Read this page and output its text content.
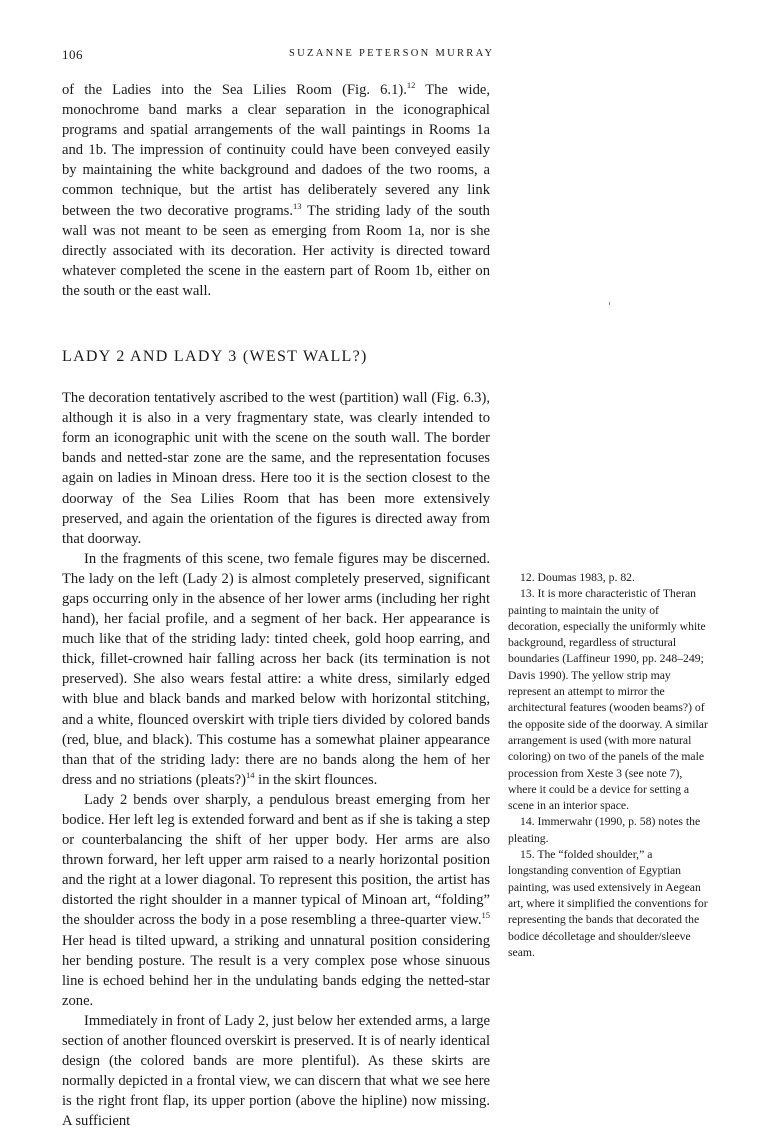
106	SUZANNE PETERSON MURRAY

of the Ladies into the Sea Lilies Room (Fig. 6.1).$^{12}$ The wide, monochrome band marks a clear separation in the iconographical programs and spatial arrangements of the wall paintings in Rooms 1a and 1b. The impression of continuity could have been conveyed easily by maintaining the white background and dadoes of the two rooms, a common technique, but the artist has deliberately severed any link between the two decorative programs.$^{13}$ The striding lady of the south wall was not meant to be seen as emerging from Room 1a, nor is she directly associated with its decoration. Her activity is directed toward whatever completed the scene in the eastern part of Room 1b, either on the south or the east wall.

LADY 2 AND LADY 3 (WEST WALL?)

The decoration tentatively ascribed to the west (partition) wall (Fig. 6.3), although it is also in a very fragmentary state, was clearly intended to form an iconographic unit with the scene on the south wall. The border bands and netted-star zone are the same, and the representation focuses again on ladies in Minoan dress. Here too it is the section closest to the doorway of the Sea Lilies Room that has been more extensively preserved, and again the orientation of the figures is directed away from that doorway.

In the fragments of this scene, two female figures may be discerned. The lady on the left (Lady 2) is almost completely preserved, significant gaps occurring only in the absence of her lower arms (including her right hand), her facial profile, and a segment of her back. Her appearance is much like that of the striding lady: tinted cheek, gold hoop earring, and thick, fillet-crowned hair falling across her back (its termination is not preserved). She also wears festal attire: a white dress, similarly edged with blue and black bands and marked below with horizontal stitching, and a white, flounced overskirt with triple tiers divided by colored bands (red, blue, and black). This costume has a somewhat plainer appearance than that of the striding lady: there are no bands along the hem of her dress and no striations (pleats?)$^{14}$ in the skirt flounces.

Lady 2 bends over sharply, a pendulous breast emerging from her bodice. Her left leg is extended forward and bent as if she is taking a step or counterbalancing the shift of her upper body. Her arms are also thrown forward, her left upper arm raised to a nearly horizontal position and the right at a lower diagonal. To represent this position, the artist has distorted the right shoulder in a manner typical of Minoan art, “folding” the shoulder across the body in a pose resembling a three-quarter view.$^{15}$ Her head is tilted upward, a striking and unnatural position considering her bending posture. The result is a very complex pose whose sinuous line is echoed behind her in the undulating bands edging the netted-star zone.

Immediately in front of Lady 2, just below her extended arms, a large section of another flounced overskirt is preserved. It is of nearly identical design (the colored bands are more plentiful). As these skirts are normally depicted in a frontal view, we can discern that what we see here is the right front flap, its upper portion (above the hipline) now missing. A sufficient

12. Doumas 1983, p. 82.

13. It is more characteristic of Theran painting to maintain the unity of decoration, especially the uniformly white background, regardless of structural boundaries (Laffineur 1990, pp. 248–249; Davis 1990). The yellow strip may represent an attempt to mirror the architectural features (wooden beams?) of the opposite side of the doorway. A similar arrangement is used (with more natural coloring) on two of the panels of the male procession from Xeste 3 (see note 7), where it could be a device for setting a scene in an interior space.

14. Immerwahr (1990, p. 58) notes the pleating.

15. The “folded shoulder,” a longstanding convention of Egyptian painting, was used extensively in Aegean art, where it simplified the conventions for representing the bands that decorated the bodice décolletage and shoulder/sleeve seam.
